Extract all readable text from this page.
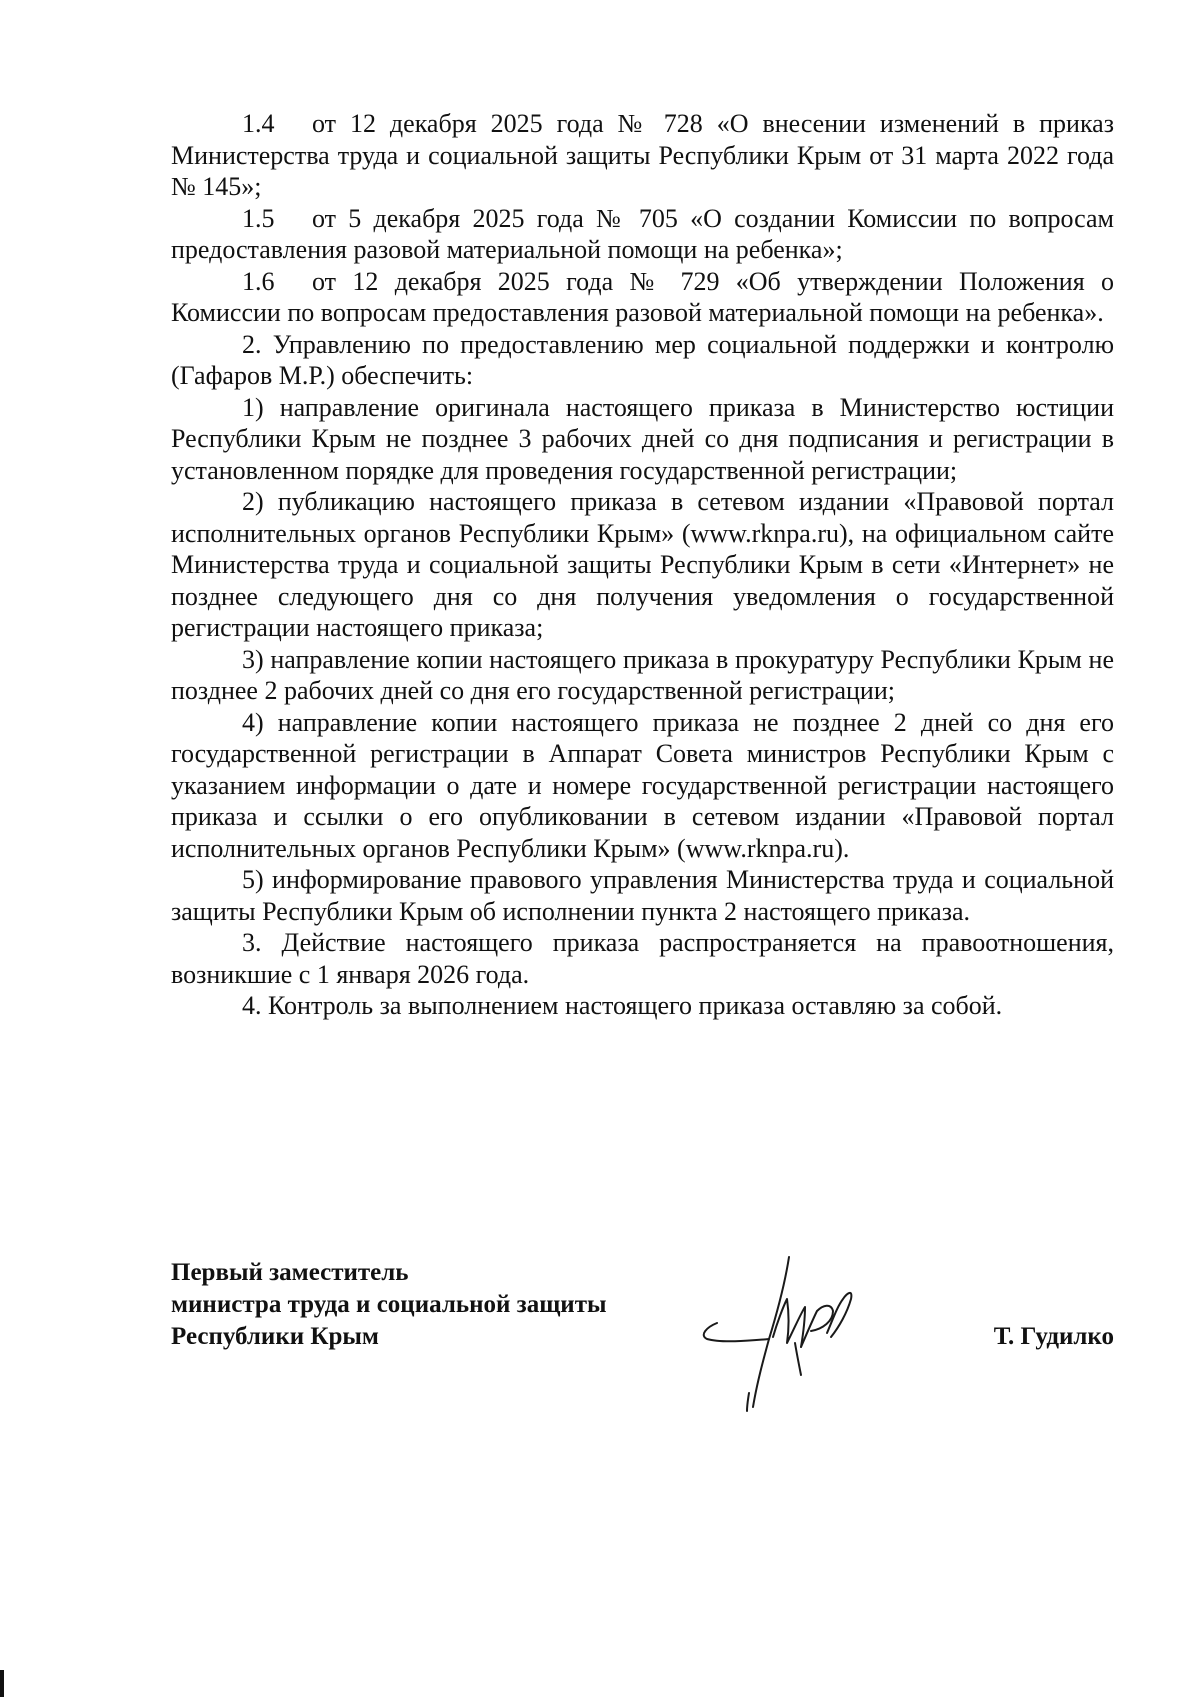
1.4 от 12 декабря 2025 года № 728 «О внесении изменений в приказ Министерства труда и социальной защиты Республики Крым от 31 марта 2022 года № 145»;

1.5 от 5 декабря 2025 года № 705 «О создании Комиссии по вопросам предоставления разовой материальной помощи на ребенка»;

1.6 от 12 декабря 2025 года № 729 «Об утверждении Положения о Комиссии по вопросам предоставления разовой материальной помощи на ребенка».

2. Управлению по предоставлению мер социальной поддержки и контролю (Гафаров М.Р.) обеспечить:

1) направление оригинала настоящего приказа в Министерство юстиции Республики Крым не позднее 3 рабочих дней со дня подписания и регистрации в установленном порядке для проведения государственной регистрации;

2) публикацию настоящего приказа в сетевом издании «Правовой портал исполнительных органов Республики Крым» (www.rknpa.ru), на официальном сайте Министерства труда и социальной защиты Республики Крым в сети «Интернет» не позднее следующего дня со дня получения уведомления о государственной регистрации настоящего приказа;

3) направление копии настоящего приказа в прокуратуру Республики Крым не позднее 2 рабочих дней со дня его государственной регистрации;

4) направление копии настоящего приказа не позднее 2 дней со дня его государственной регистрации в Аппарат Совета министров Республики Крым с указанием информации о дате и номере государственной регистрации настоящего приказа и ссылки о его опубликовании в сетевом издании «Правовой портал исполнительных органов Республики Крым» (www.rknpa.ru).

5) информирование правового управления Министерства труда и социальной защиты Республики Крым об исполнении пункта 2 настоящего приказа.

3. Действие настоящего приказа распространяется на правоотношения, возникшие с 1 января 2026 года.

4. Контроль за выполнением настоящего приказа оставляю за собой.

Первый заместитель
министра труда и социальной защиты
Республики Крым	Т. Гудилко
